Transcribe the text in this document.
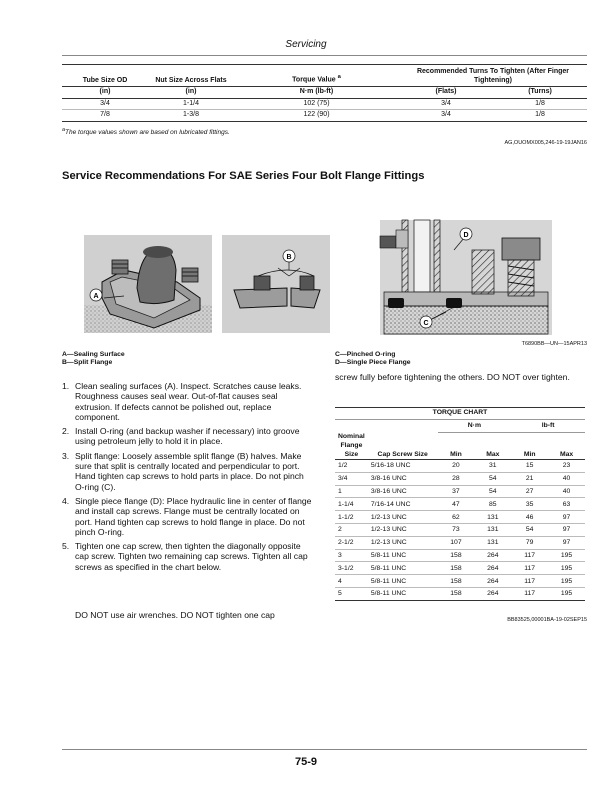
Servicing
Tube Size OD	Nut Size Across Flats	Torque Value $^a$	Recommended Turns To Tighten (After Finger Tightening)	
(in)	(in)	N·m (lb-ft)	(Flats)	(Turns)
3/4	1-1/4	102 (75)	3/4	1/8
7/8	1-3/8	122 (90)	3/4	1/8
$^a$The torque values shown are based on lubricated fittings.
AG,OUOMX005,246-19-19JAN16
Service Recommendations For SAE Series Four Bolt Flange Fittings
A
B
D
C
T6890BB—UN—15APR13
A—Sealing Surface
B—Split Flange
C—Pinched O-ring
D—Single Piece Flange
1. Clean sealing surfaces (A). Inspect. Scratches cause leaks. Roughness causes seal wear. Out-of-flat causes seal extrusion. If defects cannot be polished out, replace component.
2. Install O-ring (and backup washer if necessary) into groove using petroleum jelly to hold it in place.
3. Split flange: Loosely assemble split flange (B) halves. Make sure that split is centrally located and perpendicular to port. Hand tighten cap screws to hold parts in place. Do not pinch O-ring (C).
4. Single piece flange (D): Place hydraulic line in center of flange and install cap screws. Flange must be centrally located on port. Hand tighten cap screws to hold flange in place. Do not pinch O-ring.
5. Tighten one cap screw, then tighten the diagonally opposite cap screw. Tighten two remaining cap screws. Tighten all cap screws as specified in the chart below.
DO NOT use air wrenches. DO NOT tighten one cap
screw fully before tightening the others. DO NOT over tighten.
TORQUE CHART					
		N·m		lb-ft	
Nominal Flange Size	Cap Screw Size	Min	Max	Min	Max
1/2	5/16-18 UNC	20	31	15	23
3/4	3/8-16 UNC	28	54	21	40
1	3/8-16 UNC	37	54	27	40
1-1/4	7/16-14 UNC	47	85	35	63
1-1/2	1/2-13 UNC	62	131	46	97
2	1/2-13 UNC	73	131	54	97
2-1/2	1/2-13 UNC	107	131	79	97
3	5/8-11 UNC	158	264	117	195
3-1/2	5/8-11 UNC	158	264	117	195
4	5/8-11 UNC	158	264	117	195
5	5/8-11 UNC	158	264	117	195
BB83525,00001BA-19-02SEP15
75-9
